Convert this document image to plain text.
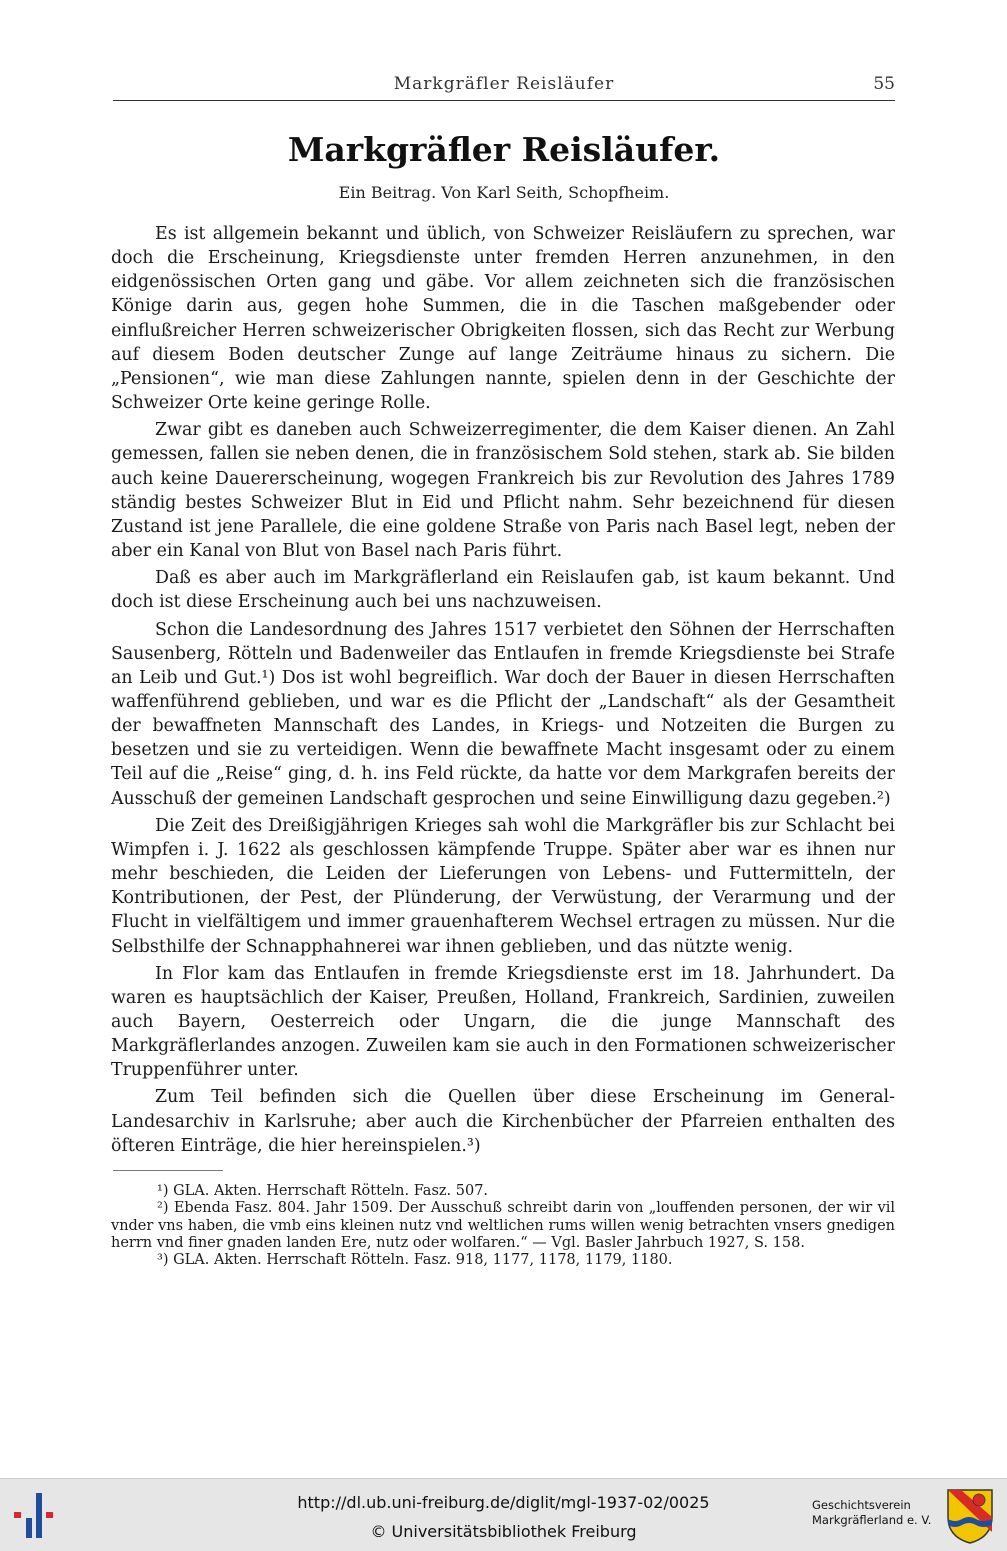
Markgräfler Reisläufer	55
Markgräfler Reisläufer.
Ein Beitrag. Von Karl Seith, Schopfheim.

Es ist allgemein bekannt und üblich, von Schweizer Reisläufern zu sprechen, war doch die Erscheinung, Kriegsdienste unter fremden Herren anzunehmen, in den eidgenössischen Orten gang und gäbe. Vor allem zeichneten sich die französischen Könige darin aus, gegen hohe Summen, die in die Taschen maßgebender oder einflußreicher Herren schweizerischer Obrigkeiten flossen, sich das Recht zur Werbung auf diesem Boden deutscher Zunge auf lange Zeiträume hinaus zu sichern. Die „Pensionen“, wie man diese Zahlungen nannte, spielen denn in der Geschichte der Schweizer Orte keine geringe Rolle.

Zwar gibt es daneben auch Schweizerregimenter, die dem Kaiser dienen. An Zahl gemessen, fallen sie neben denen, die in französischem Sold stehen, stark ab. Sie bilden auch keine Dauererscheinung, wogegen Frankreich bis zur Revolution des Jahres 1789 ständig bestes Schweizer Blut in Eid und Pflicht nahm. Sehr bezeichnend für diesen Zustand ist jene Parallele, die eine goldene Straße von Paris nach Basel legt, neben der aber ein Kanal von Blut von Basel nach Paris führt.

Daß es aber auch im Markgräflerland ein Reislaufen gab, ist kaum bekannt. Und doch ist diese Erscheinung auch bei uns nachzuweisen.

Schon die Landesordnung des Jahres 1517 verbietet den Söhnen der Herrschaften Sausenberg, Rötteln und Badenweiler das Entlaufen in fremde Kriegsdienste bei Strafe an Leib und Gut.¹) Dos ist wohl begreiflich. War doch der Bauer in diesen Herrschaften waffenführend geblieben, und war es die Pflicht der „Landschaft“ als der Gesamtheit der bewaffneten Mannschaft des Landes, in Kriegs- und Notzeiten die Burgen zu besetzen und sie zu verteidigen. Wenn die bewaffnete Macht insgesamt oder zu einem Teil auf die „Reise“ ging, d. h. ins Feld rückte, da hatte vor dem Markgrafen bereits der Ausschuß der gemeinen Landschaft gesprochen und seine Einwilligung dazu gegeben.²)

Die Zeit des Dreißigjährigen Krieges sah wohl die Markgräfler bis zur Schlacht bei Wimpfen i. J. 1622 als geschlossen kämpfende Truppe. Später aber war es ihnen nur mehr beschieden, die Leiden der Lieferungen von Lebens- und Futtermitteln, der Kontributionen, der Pest, der Plünderung, der Verwüstung, der Verarmung und der Flucht in vielfältigem und immer grauenhafterem Wechsel ertragen zu müssen. Nur die Selbsthilfe der Schnapphahnerei war ihnen geblieben, und das nützte wenig.

In Flor kam das Entlaufen in fremde Kriegsdienste erst im 18. Jahrhundert. Da waren es hauptsächlich der Kaiser, Preußen, Holland, Frankreich, Sardinien, zuweilen auch Bayern, Oesterreich oder Ungarn, die die junge Mannschaft des Markgräflerlandes anzogen. Zuweilen kam sie auch in den Formationen schweizerischer Truppenführer unter.

Zum Teil befinden sich die Quellen über diese Erscheinung im General-Landesarchiv in Karlsruhe; aber auch die Kirchenbücher der Pfarreien enthalten des öfteren Einträge, die hier hereinspielen.³)

¹) GLA. Akten. Herrschaft Rötteln. Fasz. 507.

²) Ebenda Fasz. 804. Jahr 1509. Der Ausschuß schreibt darin von „louffenden personen, der wir vil vnder vns haben, die vmb eins kleinen nutz vnd weltlichen rums willen wenig betrachten vnsers gnedigen herrn vnd finer gnaden landen Ere, nutz oder wolfaren.“ — Vgl. Basler Jahrbuch 1927, S. 158.

³) GLA. Akten. Herrschaft Rötteln. Fasz. 918, 1177, 1178, 1179, 1180.

http://dl.ub.uni-freiburg.de/diglit/mgl-1937-02/0025
© Universitätsbibliothek Freiburg
Geschichtsverein
Markgräflerland e. V.
